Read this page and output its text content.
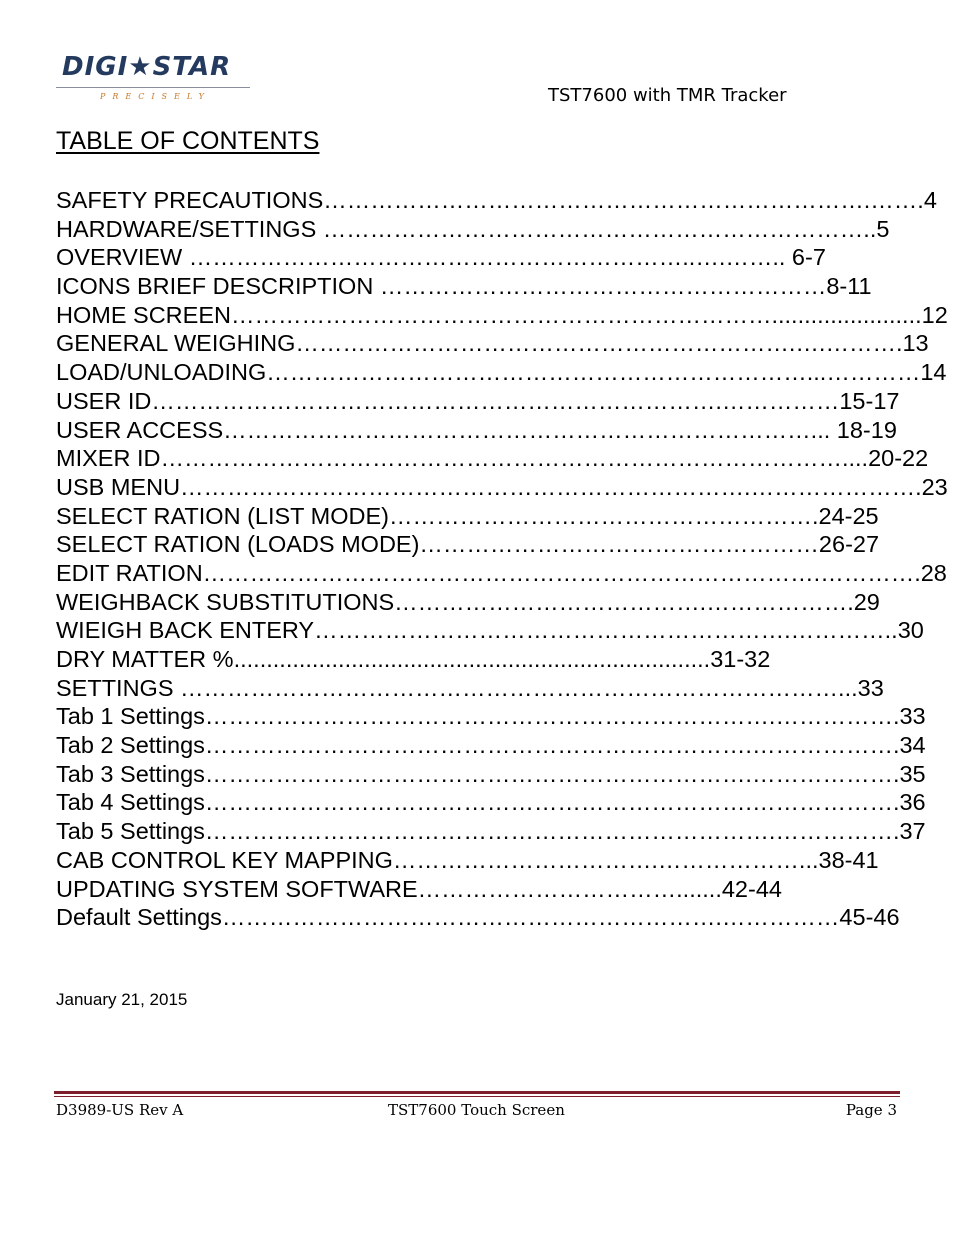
DIGI★STAR
PRECISELY	TST7600 with TMR Tracker
TABLE OF CONTENTS
SAFETY PRECAUTIONS…………………………………………………………….…….4
HARDWARE/SETTINGS ……………………………………………………………..5
OVERVIEW ………………………………………………………..….…….. 6-7
ICONS BRIEF DESCRIPTION …………………………………………………8-11
HOME SCREEN…………………………………………………………….......................12
GENERAL WEIGHING……………………………………………………….….……….13
LOAD/UNLOADING……………………………………………………………...…………14
USER ID……………………………………………………………….……………15-17
USER ACCESS…………………………………………………………………... 18-19
MIXER ID……………………………………………………………………………....20-22
USB MENU……………………………………………………………….………………….23
SELECT RATION (LIST MODE)……………………………………………….24-25
SELECT RATION (LOADS MODE)……………………………………………26-27
EDIT RATION…………………………………………………………………….………….28
WEIGHBACK SUBSTITUTIONS………………………………….……………….29
WIEIGH BACK ENTERY…………………………………………………….…………..30
DRY MATTER %.........................................................................31-32
SETTINGS …………………………………………………………………………...33
Tab 1 Settings……………………………………………………………….…………….33
Tab 2 Settings…………………………………………………………….……………….34
Tab 3 Settings…………………………………………………………….……………….35
Tab 4 Settings…………………………………………………………….……………….36
Tab 5 Settings……………………………………………………………….…………….37
CAB CONTROL KEY MAPPING…………………………….………………...38-41
UPDATING SYSTEM SOFTWARE…………………………….......42-44
Default Settings……………………………………………………….……………45-46
January 21, 2015
D3989-US Rev A	TST7600 Touch Screen	Page 3
